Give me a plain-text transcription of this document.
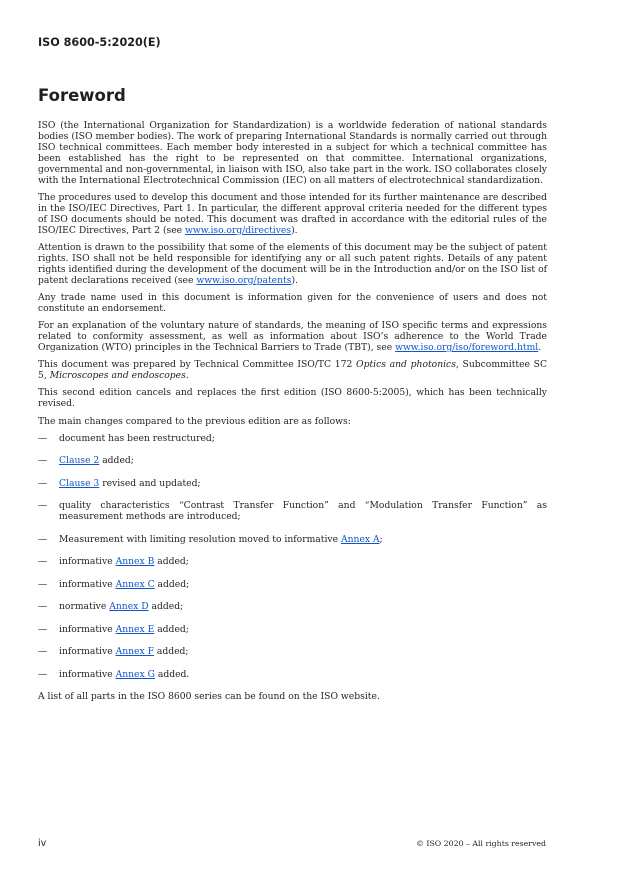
ISO 8600-5:2020(E)
Foreword

ISO (the International Organization for Standardization) is a worldwide federation of national standards bodies (ISO member bodies). The work of preparing International Standards is normally carried out through ISO technical committees. Each member body interested in a subject for which a technical committee has been established has the right to be represented on that committee. International organizations, governmental and non-governmental, in liaison with ISO, also take part in the work. ISO collaborates closely with the International Electrotechnical Commission (IEC) on all matters of electrotechnical standardization.

The procedures used to develop this document and those intended for its further maintenance are described in the ISO/IEC Directives, Part 1. In particular, the different approval criteria needed for the different types of ISO documents should be noted. This document was drafted in accordance with the editorial rules of the ISO/IEC Directives, Part 2 (see www.iso.org/directives).

Attention is drawn to the possibility that some of the elements of this document may be the subject of patent rights. ISO shall not be held responsible for identifying any or all such patent rights. Details of any patent rights identified during the development of the document will be in the Introduction and/or on the ISO list of patent declarations received (see www.iso.org/patents).

Any trade name used in this document is information given for the convenience of users and does not constitute an endorsement.

For an explanation of the voluntary nature of standards, the meaning of ISO specific terms and expressions related to conformity assessment, as well as information about ISO’s adherence to the World Trade Organization (WTO) principles in the Technical Barriers to Trade (TBT), see www.iso.org/iso/foreword.html.

This document was prepared by Technical Committee ISO/TC 172 Optics and photonics, Subcommittee SC 5, Microscopes and endoscopes.

This second edition cancels and replaces the first edition (ISO 8600-5:2005), which has been technically revised.

The main changes compared to the previous edition are as follows:

— document has been restructured;
— Clause 2 added;
— Clause 3 revised and updated;
— quality characteristics “Contrast Transfer Function” and “Modulation Transfer Function” as measurement methods are introduced;
— Measurement with limiting resolution moved to informative Annex A;
— informative Annex B added;
— informative Annex C added;
— normative Annex D added;
— informative Annex E added;
— informative Annex F added;
— informative Annex G added.

A list of all parts in the ISO 8600 series can be found on the ISO website.

iv	© ISO 2020 – All rights reserved
